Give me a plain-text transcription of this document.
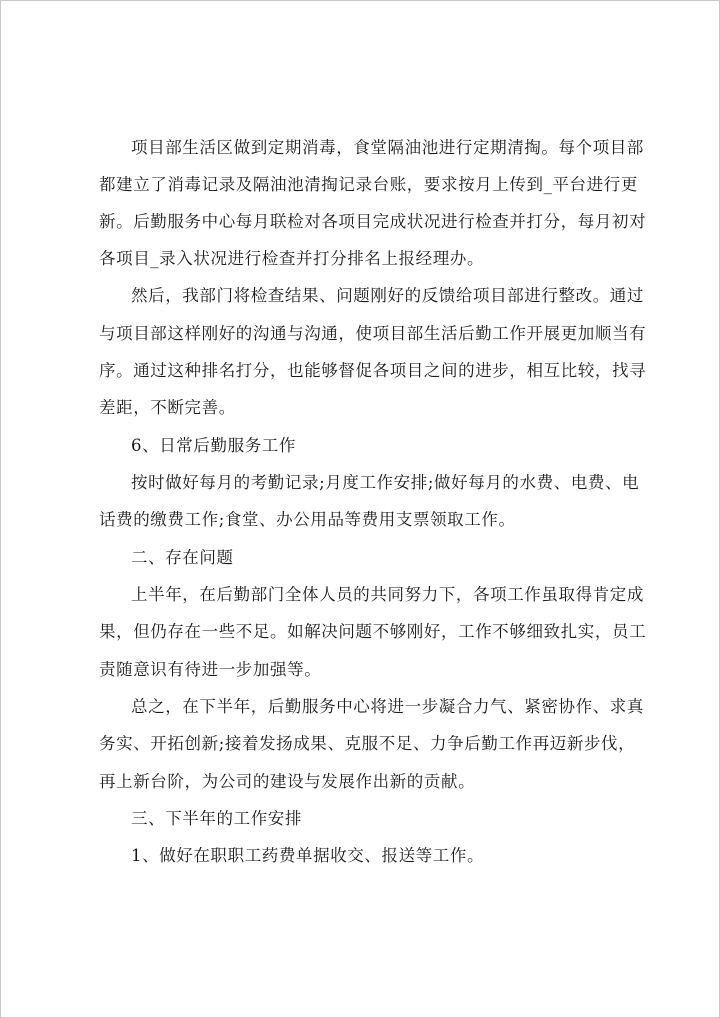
项目部生活区做到定期消毒，食堂隔油池进行定期清掏。每个项目部
都建立了消毒记录及隔油池清掏记录台账，要求按月上传到_平台进行更
新。后勤服务中心每月联检对各项目完成状况进行检查并打分，每月初对
各项目_录入状况进行检查并打分排名上报经理办。
然后，我部门将检查结果、问题刚好的反馈给项目部进行整改。通过
与项目部这样刚好的沟通与沟通，使项目部生活后勤工作开展更加顺当有
序。通过这种排名打分，也能够督促各项目之间的进步，相互比较，找寻
差距，不断完善。
6、日常后勤服务工作
按时做好每月的考勤记录;月度工作安排;做好每月的水费、电费、电
话费的缴费工作;食堂、办公用品等费用支票领取工作。
二、存在问题
上半年，在后勤部门全体人员的共同努力下，各项工作虽取得肯定成
果，但仍存在一些不足。如解决问题不够刚好，工作不够细致扎实，员工
责随意识有待进一步加强等。
总之，在下半年，后勤服务中心将进一步凝合力气、紧密协作、求真
务实、开拓创新;接着发扬成果、克服不足、力争后勤工作再迈新步伐，
再上新台阶，为公司的建设与发展作出新的贡献。
三、下半年的工作安排
1、做好在职职工药费单据收交、报送等工作。
